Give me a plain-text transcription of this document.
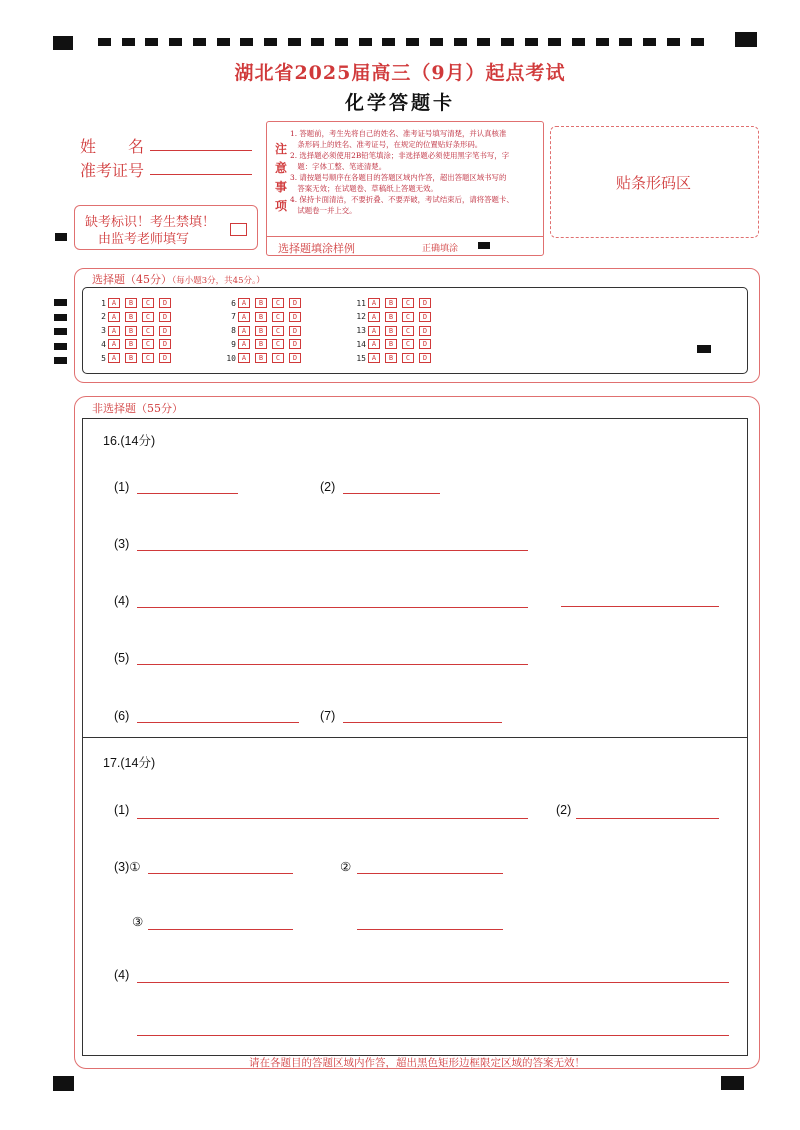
湖北省2025届高三（9月）起点考试
化学答题卡
姓　　名
准考证号
缺考标识！考生禁填！
由监考老师填写
注
意
事
项
1. 答题前，考生先将自己的姓名、准考证号填写清楚，并认真核准
　条形码上的姓名、准考证号，在规定的位置贴好条形码。
2. 选择题必须使用2B铅笔填涂；非选择题必须使用黑字笔书写，字
　题：字体工整、笔迹清楚。
3. 请按题号顺序在各题目的答题区域内作答，超出答题区域书写的
　答案无效；在试题卷、草稿纸上答题无效。
4. 保持卡面清洁，不要折叠、不要弄破，考试结束后，请将答题卡、
　试题卷一并上交。
选择题填涂样例	正确填涂
贴条形码区
选择题（45分）（每小题3分，共45分。）
1 A	B	C	D
2 A	B	C	D
3 A	B	C	D
4 A	B	C	D
5 A	B	C	D
6 A	B	C	D
7 A	B	C	D
8 A	B	C	D
9 A	B	C	D
10 A	B	C	D
11 A	B	C	D
12 A	B	C	D
13 A	B	C	D
14 A	B	C	D
15 A	B	C	D
非选择题（55分）
16.(14分)
(1)	(2)
(3)
(4)
(5)
(6)	(7)
17.(14分)
(1)	(2)
(3)①	②
③
(4)
请在各题目的答题区域内作答，超出黑色矩形边框限定区域的答案无效！
